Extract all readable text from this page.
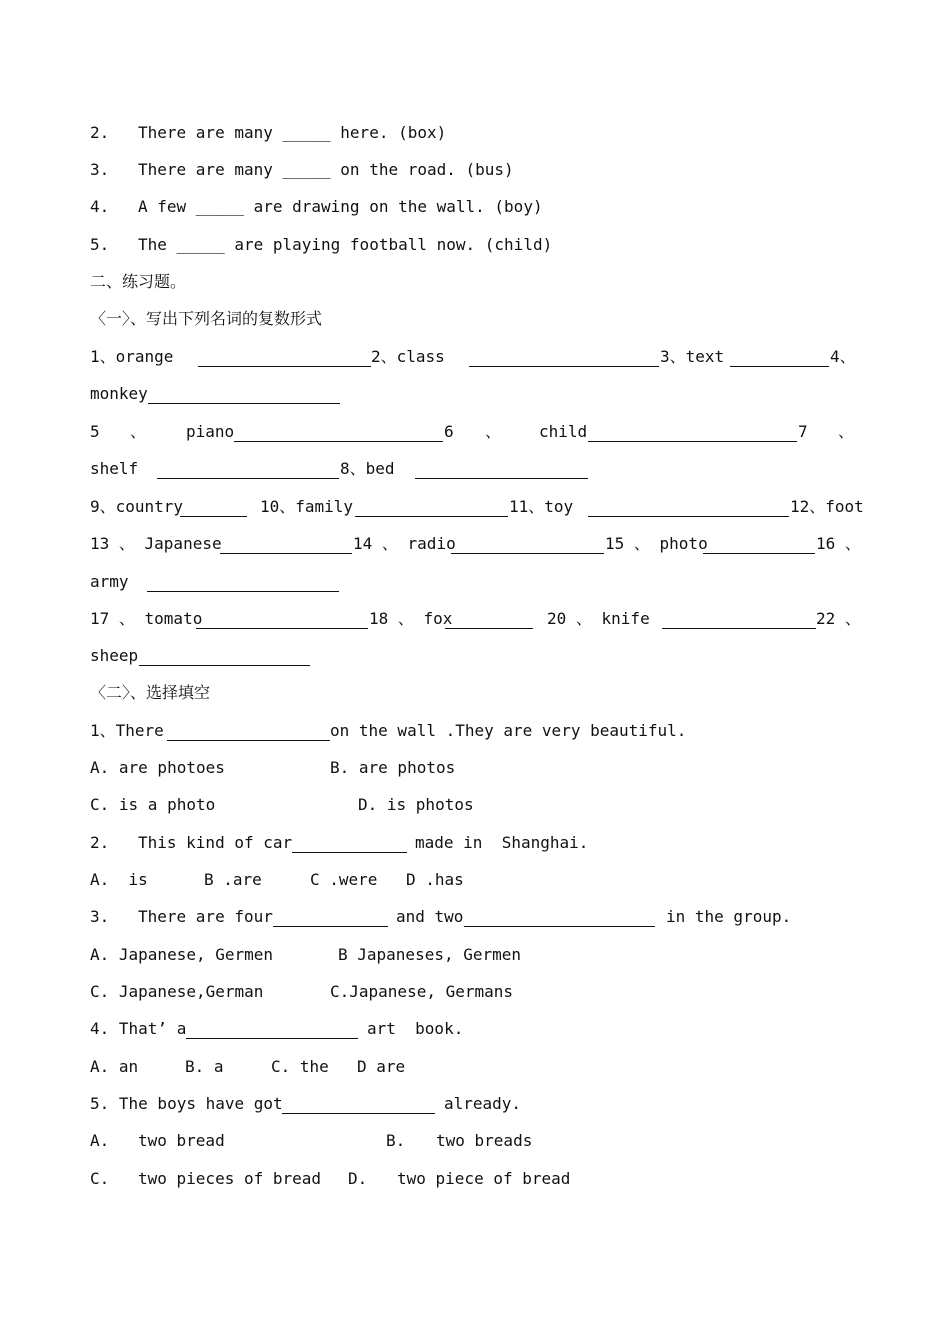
2.

There are many _____ here. (box)

3.

There are many _____ on the road. (bus)

4.

A few _____ are drawing on the wall. (boy)

5.

The _____ are playing football now. (child)

二、练习题。
〈一〉、写出下列名词的复数形式

1、orange

	2、class

	3、text

	4、

monkey

5

、

piano

	6

、

child

	7

、

shelf

	8、bed

9、country

	10、family

	11、toy

	12、foot

13 、 Japanese

	14 、 radio

	15 、 photo

	16 、

army

17 、 tomato

	18 、 fox

	20 、 knife

	22 、

sheep

〈二〉、选择填空

1、There

	on the wall .They are very beautiful.

A. are photoes

	B. are photos

C. is a photo

	D. is photos

2.

This kind of car

	made in  Shanghai.

A.  is

	B .are

	C .were

D .has

3.

There are four

	and two

	in the group.

A. Japanese, Germen

	B Japaneses, Germen

C. Japanese,German

	C.Japanese, Germans

4. That’ a

	art  book.

A. an

	B. a

	C. the

D are

5. The boys have got

	already.

A.

two bread

	B.

two breads

C.

two pieces of bread

D.

two piece of bread
